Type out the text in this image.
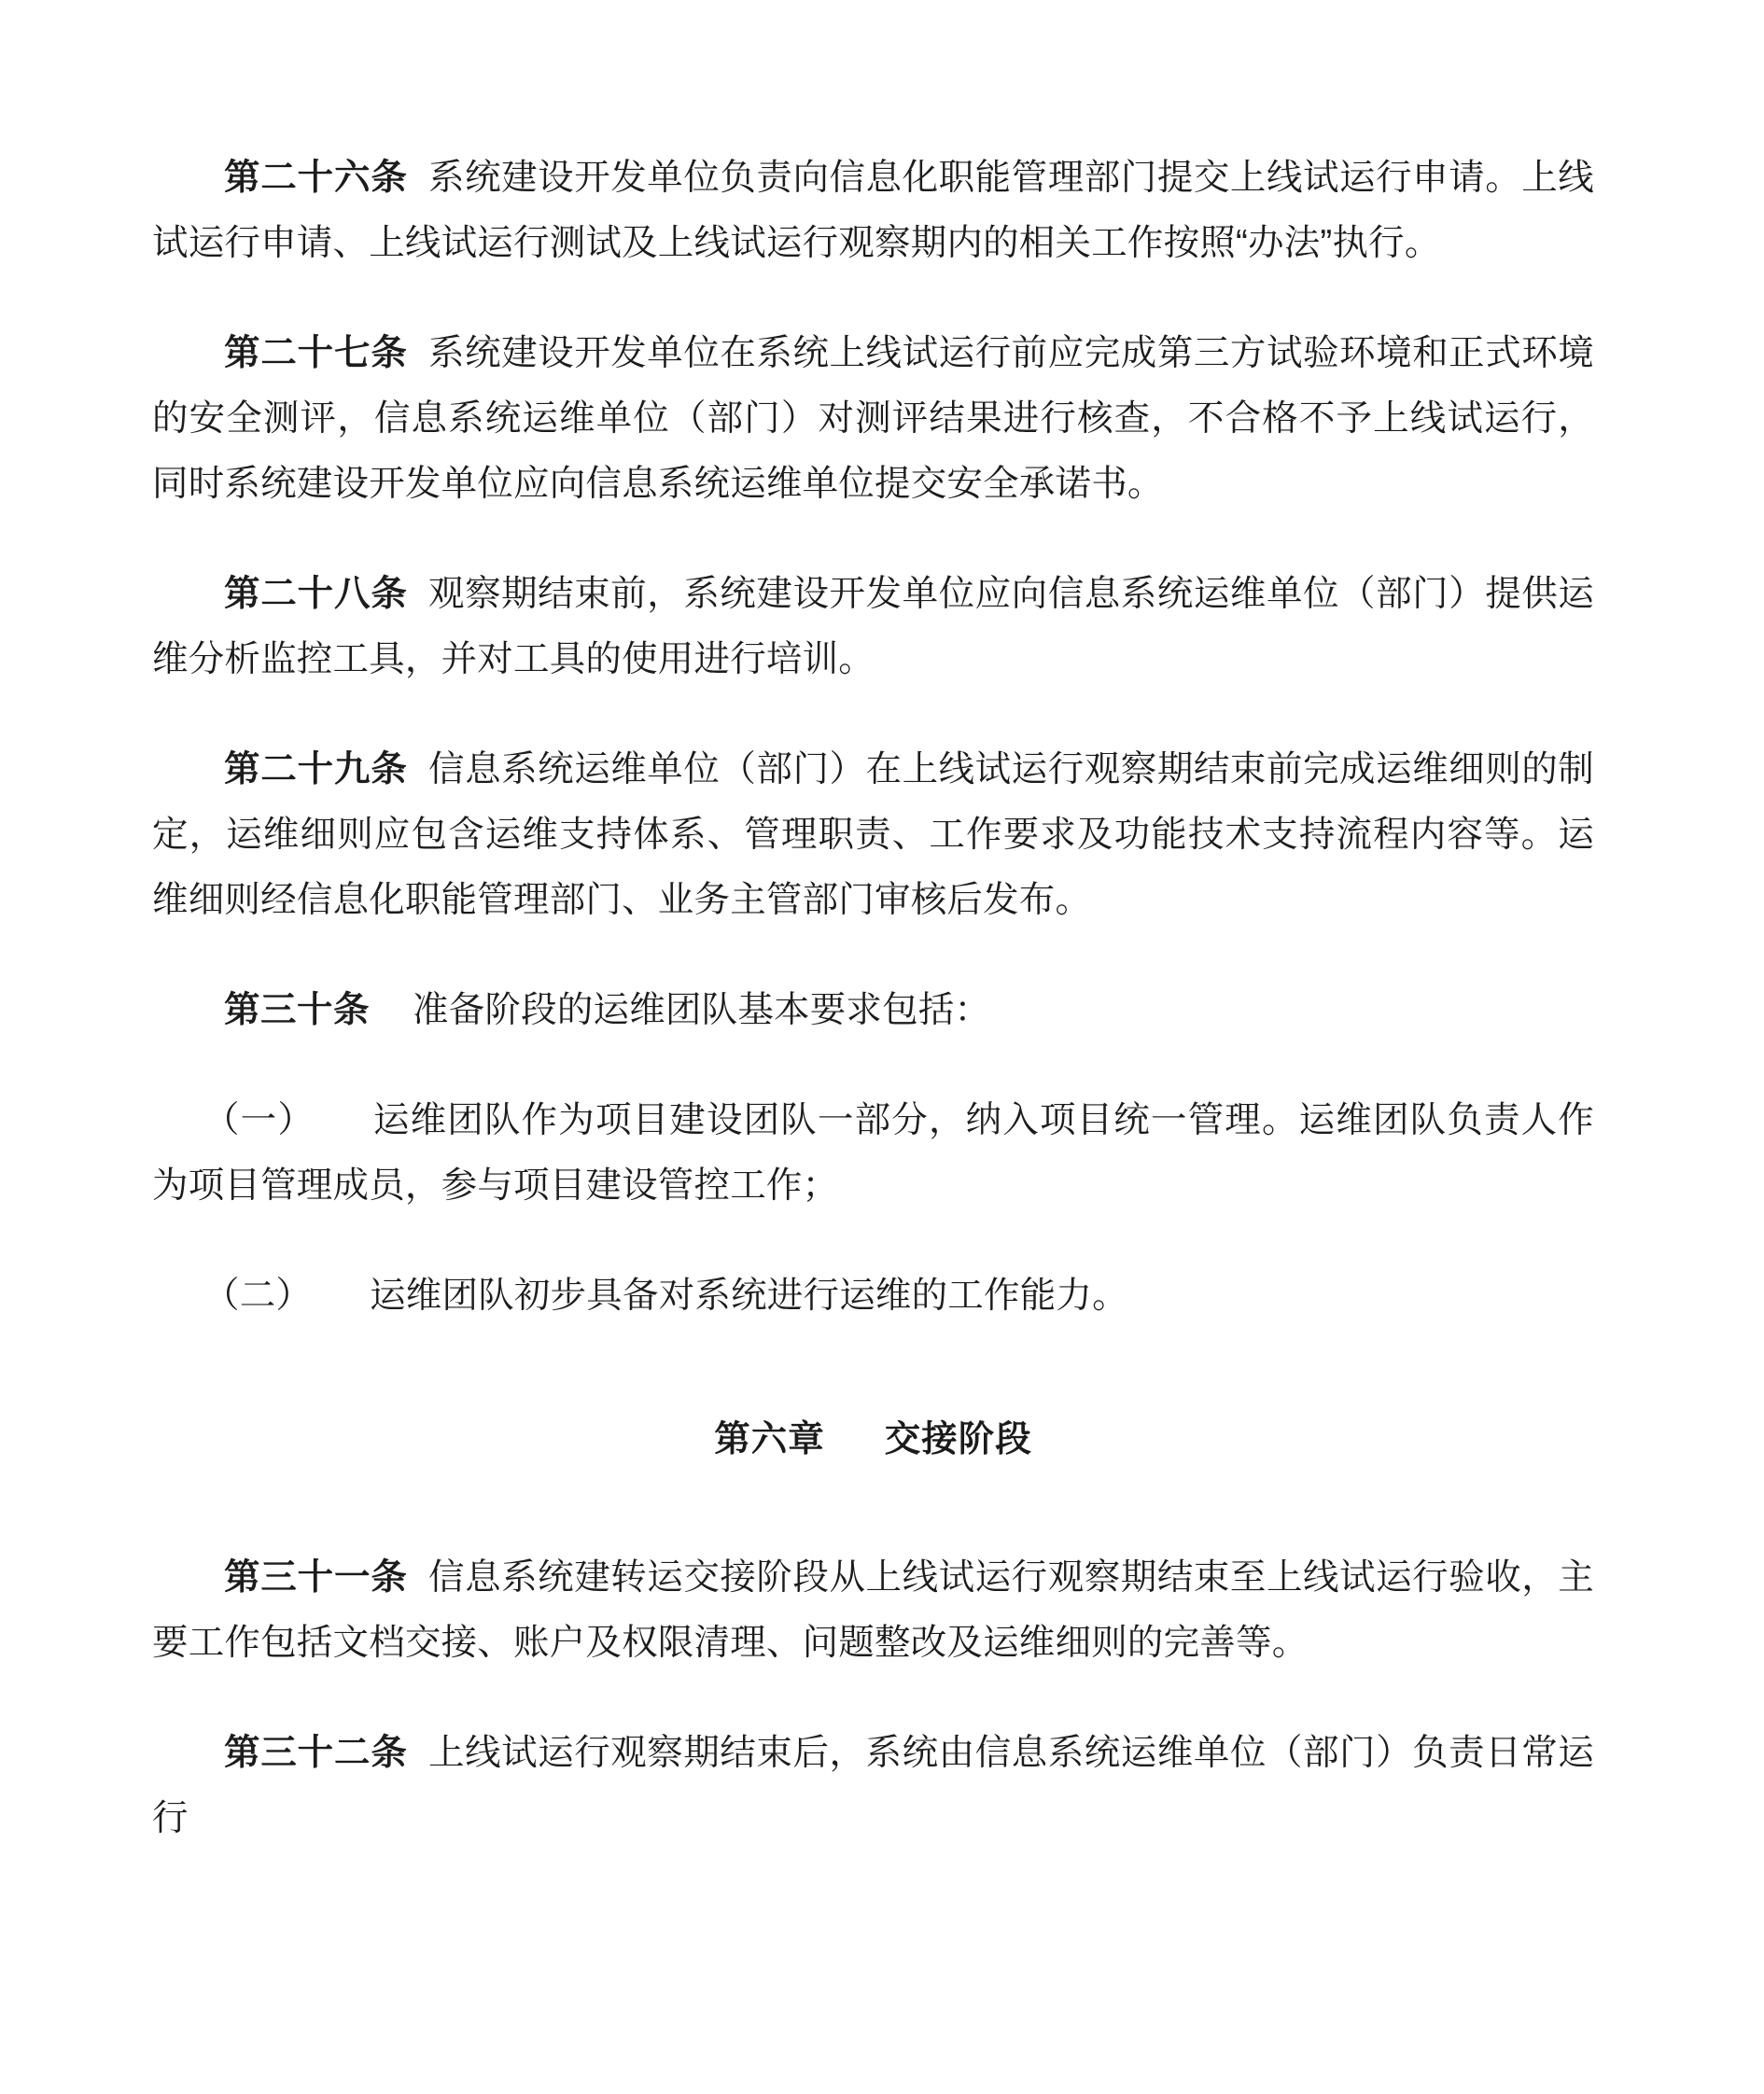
第二十六条 系统建设开发单位负责向信息化职能管理部门提交上线试运行申请。上线试运行申请、上线试运行测试及上线试运行观察期内的相关工作按照“办法”执行。

第二十七条 系统建设开发单位在系统上线试运行前应完成第三方试验环境和正式环境的安全测评，信息系统运维单位（部门）对测评结果进行核查，不合格不予上线试运行，同时系统建设开发单位应向信息系统运维单位提交安全承诺书。

第二十八条 观察期结束前，系统建设开发单位应向信息系统运维单位（部门）提供运维分析监控工具，并对工具的使用进行培训。

第二十九条 信息系统运维单位（部门）在上线试运行观察期结束前完成运维细则的制定，运维细则应包含运维支持体系、管理职责、工作要求及功能技术支持流程内容等。运维细则经信息化职能管理部门、业务主管部门审核后发布。

第三十条 准备阶段的运维团队基本要求包括：

（一） 运维团队作为项目建设团队一部分，纳入项目统一管理。运维团队负责人作为项目管理成员，参与项目建设管控工作；

（二） 运维团队初步具备对系统进行运维的工作能力。

第六章 交接阶段

第三十一条 信息系统建转运交接阶段从上线试运行观察期结束至上线试运行验收，主要工作包括文档交接、账户及权限清理、问题整改及运维细则的完善等。

第三十二条 上线试运行观察期结束后，系统由信息系统运维单位（部门）负责日常运行
